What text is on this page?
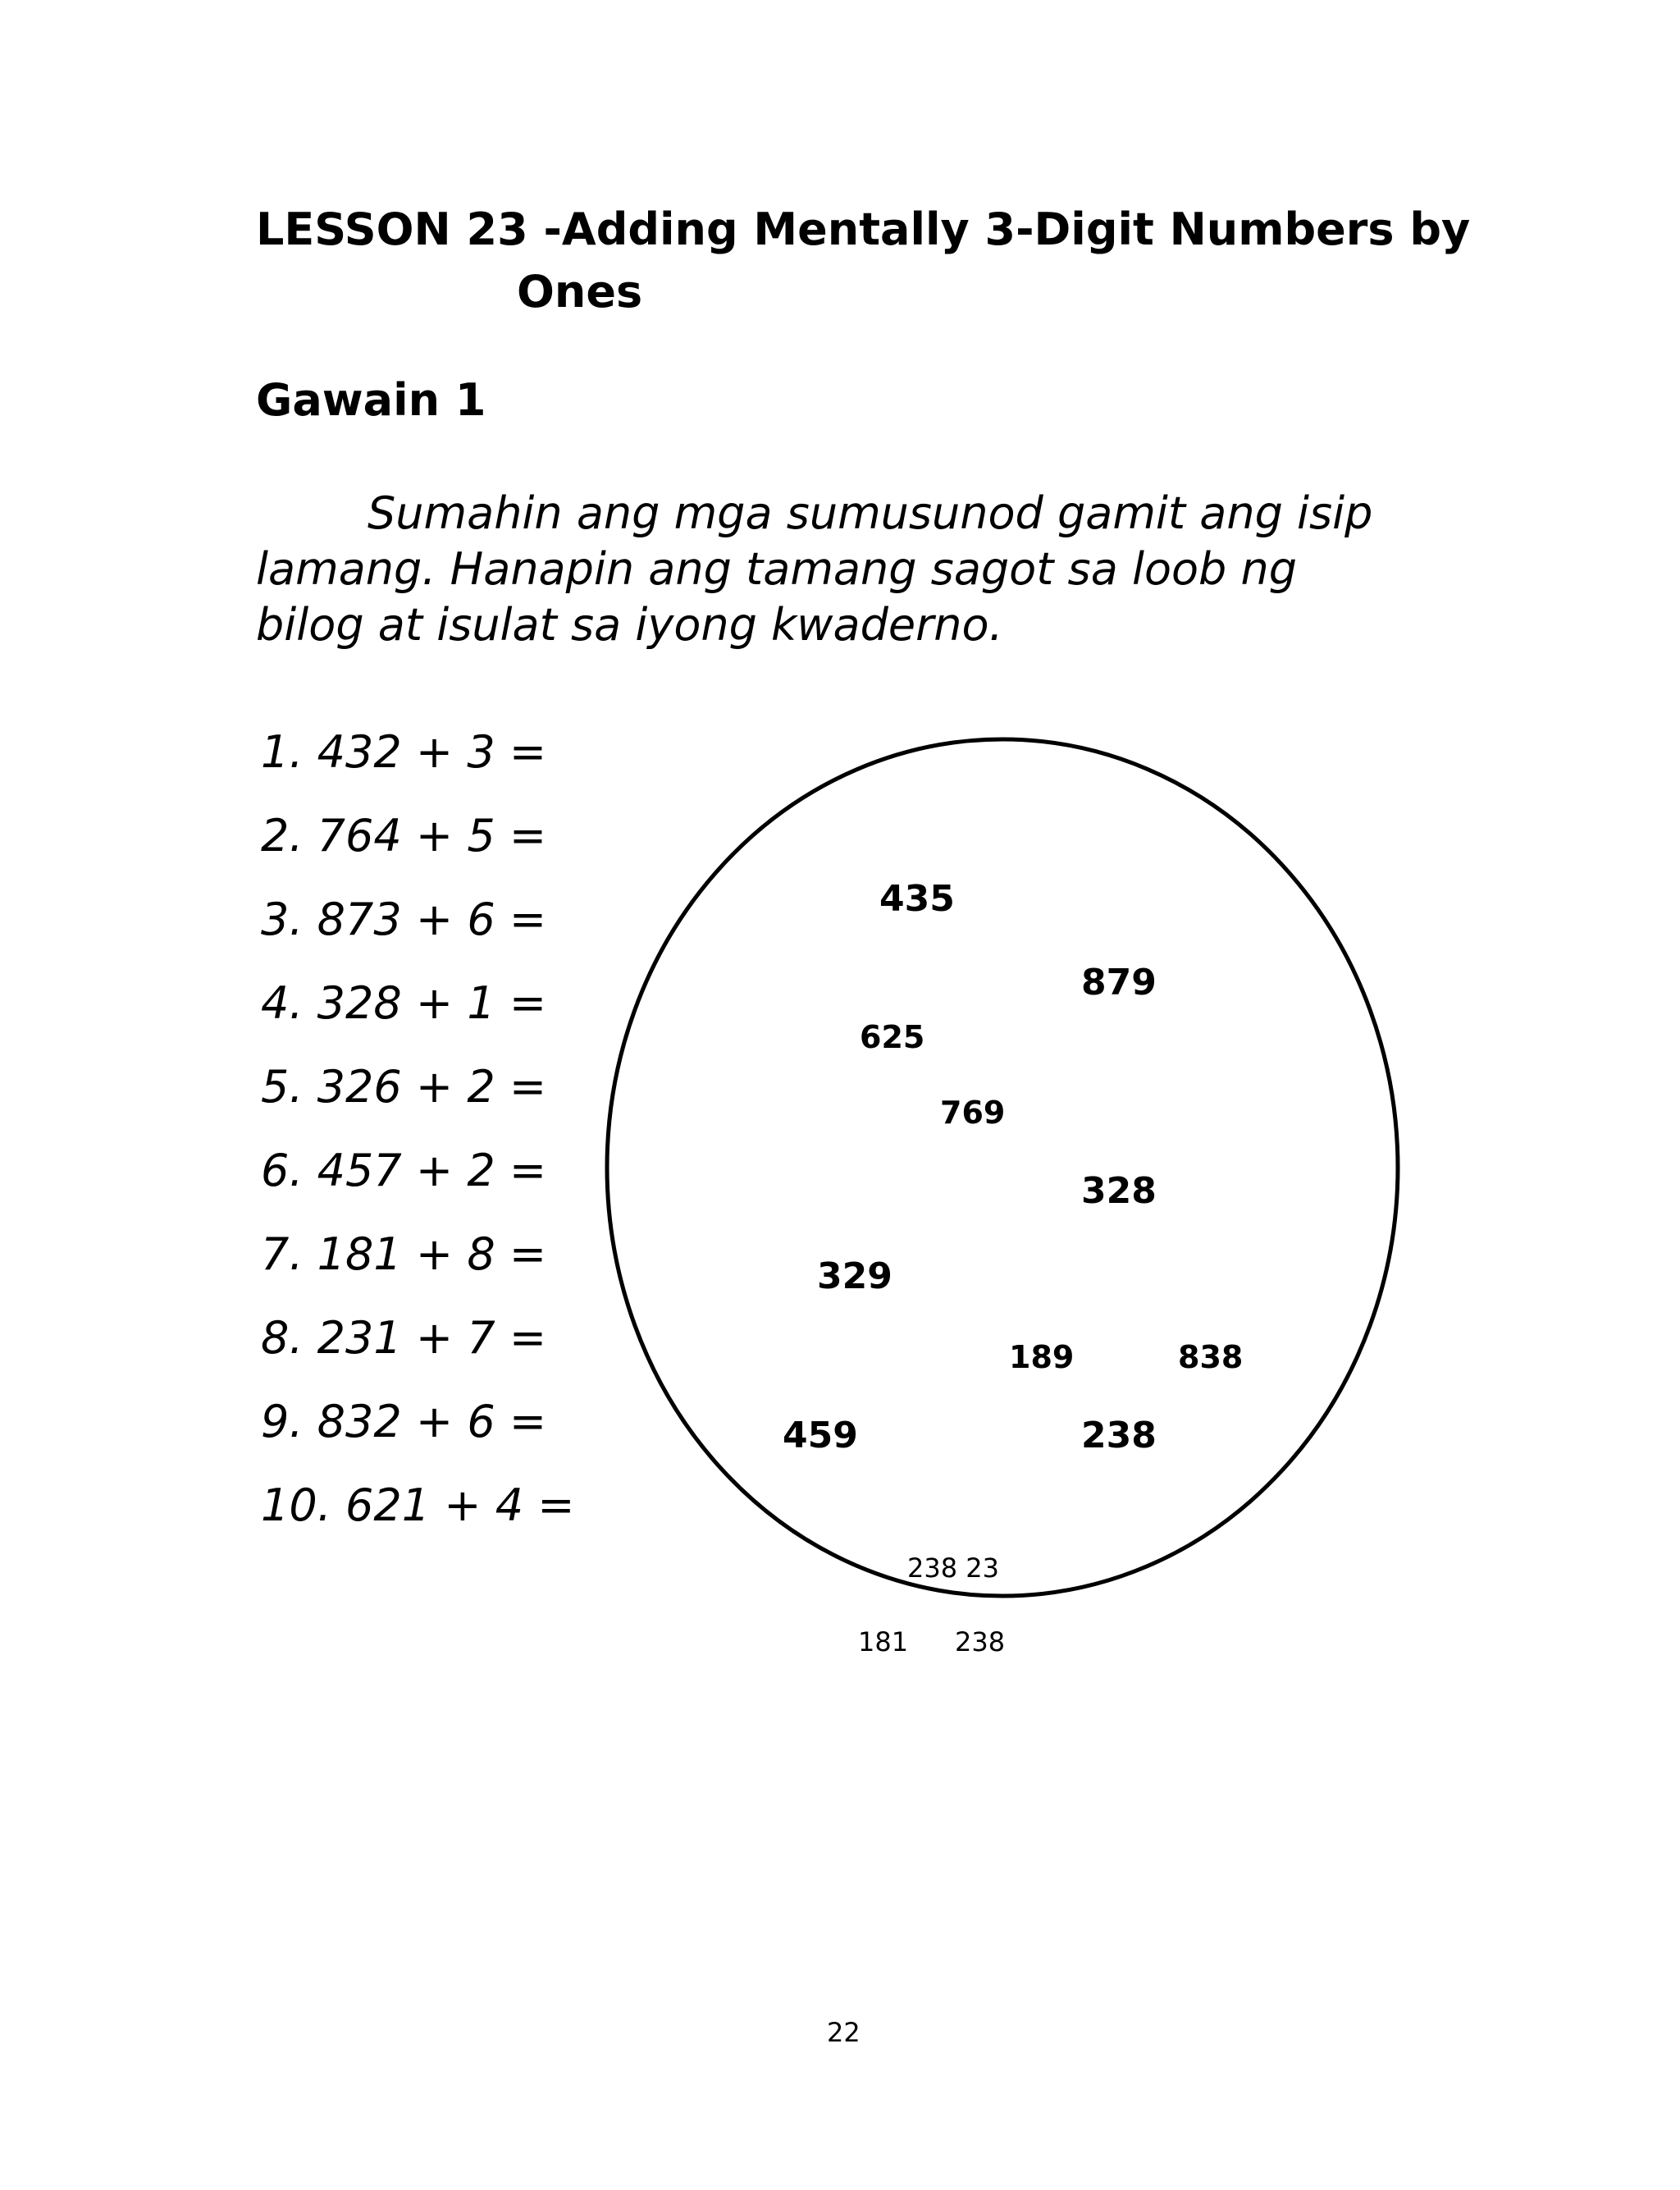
LESSON 23 -Adding Mentally 3-Digit Numbers by
Ones
Gawain 1
Sumahin ang mga sumusunod gamit ang isip
lamang. Hanapin ang tamang sagot sa loob ng
bilog at isulat sa iyong kwaderno.
1. 432 + 3 =
2. 764 + 5 =
3. 873 + 6 =
4. 328 + 1 =
5. 326 + 2 =
6. 457 + 2 =
7. 181 + 8 =
8. 231 + 7 =
9. 832 + 6 =
10. 621 + 4 =
435
879
625
769
328
329
189	838
459	238
238 23
181 238
22
